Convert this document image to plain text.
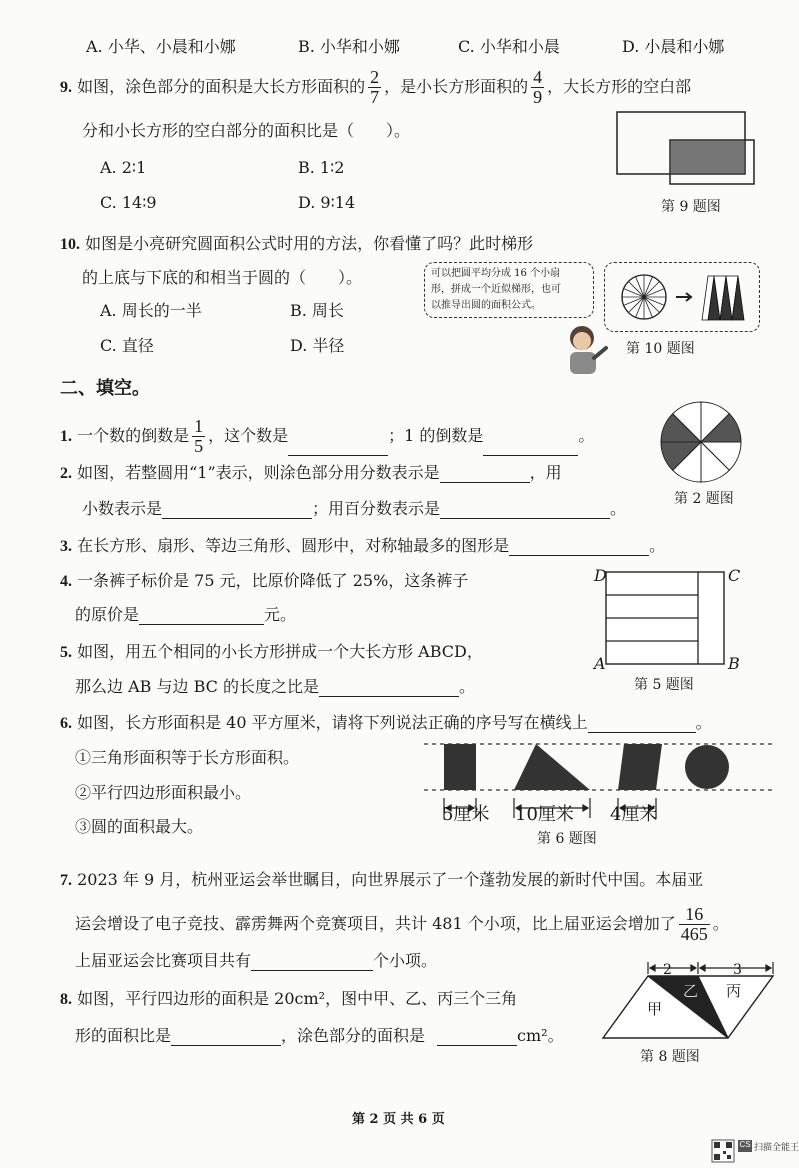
A. 小华、小晨和小娜	B. 小华和小娜	C. 小华和小晨	D. 小晨和小娜
9. 如图，涂色部分的面积是大长方形面积的 $\frac{2}{7}$ ，是小长方形面积的 $\frac{4}{9}$ ，大长方形的空白部
分和小长方形的空白部分的面积比是（　　）。
A. 2∶1	B. 1∶2
C. 14∶9	D. 9∶14	第 9 题图
10. 如图是小亮研究圆面积公式时用的方法，你看懂了吗？此时梯形
的上底与下底的和相当于圆的（　　）。
A. 周长的一半	B. 周长
C. 直径	D. 半径
可以把圆平均分成 16 个小扇
形，拼成一个近似梯形，也可
以推导出圆的面积公式。
第 10 题图
二、填空。
1. 一个数的倒数是 $\frac{1}{5}$ ，这个数是	；1 的倒数是	。
第 2 题图
2. 如图，若整圆用“1”表示，则涂色部分用分数表示是	，用
小数表示是	；用百分数表示是	。
3. 在长方形、扇形、等边三角形、圆形中，对称轴最多的图形是	。
4. 一条裤子标价是 75 元，比原价降低了 25%，这条裤子
的原价是	元。
D	C
A	B
第 5 题图
5. 如图，用五个相同的小长方形拼成一个大长方形 ABCD，
那么边 AB 与边 BC 的长度之比是	。
6. 如图，长方形面积是 40 平方厘米，请将下列说法正确的序号写在横线上	。
①三角形面积等于长方形面积。
②平行四边形面积最小。
③圆的面积最大。
5厘米 10厘米 4厘米
第 6 题图
7. 2023 年 9 月，杭州亚运会举世瞩目，向世界展示了一个蓬勃发展的新时代中国。本届亚
运会增设了电子竞技、霹雳舞两个竞赛项目，共计 481 个小项，比上届亚运会增加了 $\frac{16}{465}$ 。
上届亚运会比赛项目共有	个小项。
8. 如图，平行四边形的面积是 20cm²，图中甲、乙、丙三个三角
形的面积比是	，涂色部分的面积是	cm²。
2	3
甲
乙 丙
第 8 题图
第 2 页 共 6 页
CS 扫描全能王
